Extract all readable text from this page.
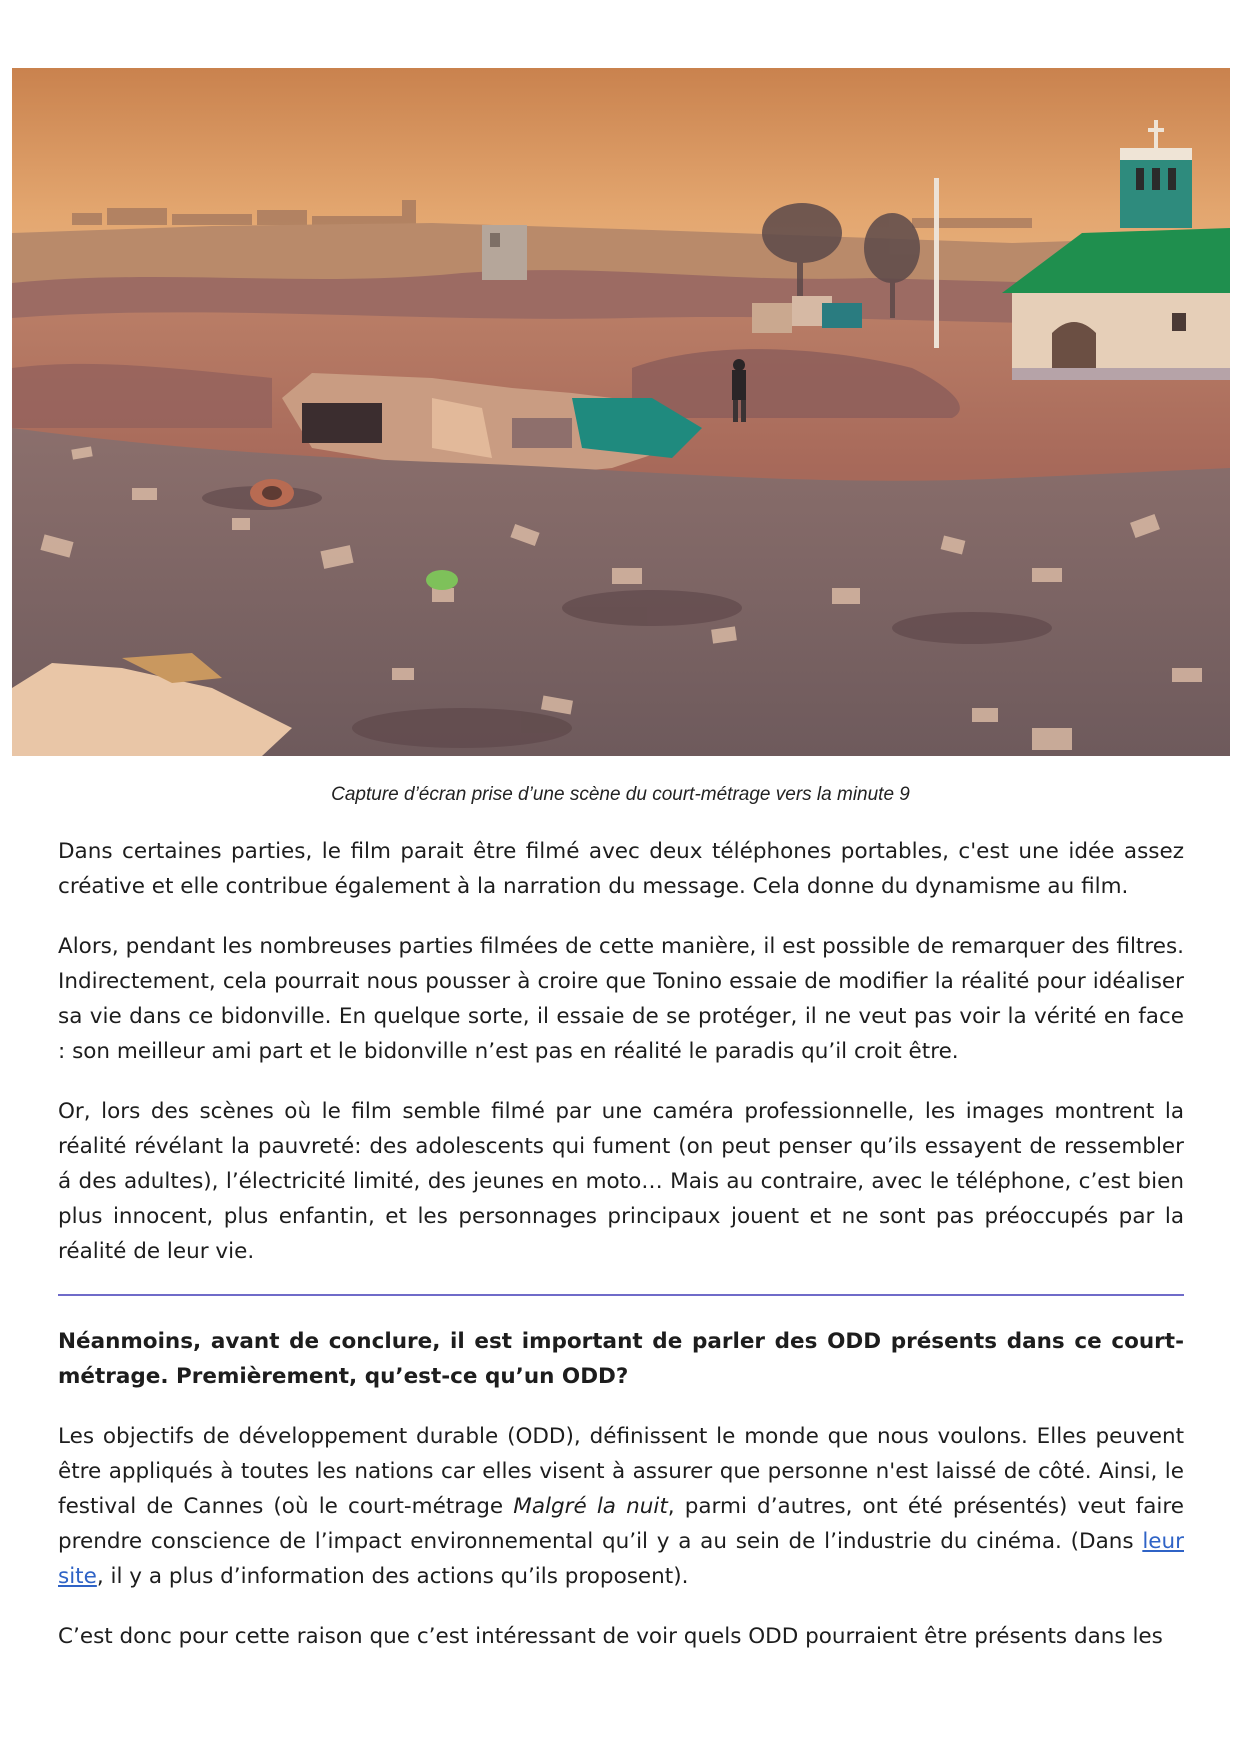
Capture d’écran prise d’une scène du court-métrage vers la minute 9

Dans certaines parties, le film parait être filmé avec deux téléphones portables, c'est une idée assez créative et elle contribue également à la narration du message. Cela donne du dynamisme au film.

Alors, pendant les nombreuses parties filmées de cette manière, il est possible de remarquer des filtres. Indirectement, cela pourrait nous pousser à croire que Tonino essaie de modifier la réalité pour idéaliser sa vie dans ce bidonville. En quelque sorte, il essaie de se protéger, il ne veut pas voir la vérité en face : son meilleur ami part et le bidonville n’est pas en réalité le paradis qu’il croit être.

Or, lors des scènes où le film semble filmé par une caméra professionnelle, les images montrent la réalité révélant la pauvreté: des adolescents qui fument (on peut penser qu’ils essayent de ressembler á des adultes), l’électricité limité, des jeunes en moto… Mais au contraire, avec le téléphone, c’est bien plus innocent, plus enfantin, et les personnages principaux jouent et ne sont pas préoccupés par la réalité de leur vie.

Néanmoins, avant de conclure, il est important de parler des ODD présents dans ce court-métrage. Premièrement, qu’est-ce qu’un ODD?

Les objectifs de développement durable (ODD), définissent le monde que nous voulons. Elles peuvent être appliqués à toutes les nations car elles visent à assurer que personne n'est laissé de côté. Ainsi, le festival de Cannes (où le court-métrage Malgré la nuit, parmi d’autres, ont été présentés) veut faire prendre conscience de l’impact environnemental qu’il y a au sein de l’industrie du cinéma. (Dans leur site, il y a plus d’information des actions qu’ils proposent).

C’est donc pour cette raison que c’est intéressant de voir quels ODD pourraient être présents dans les
